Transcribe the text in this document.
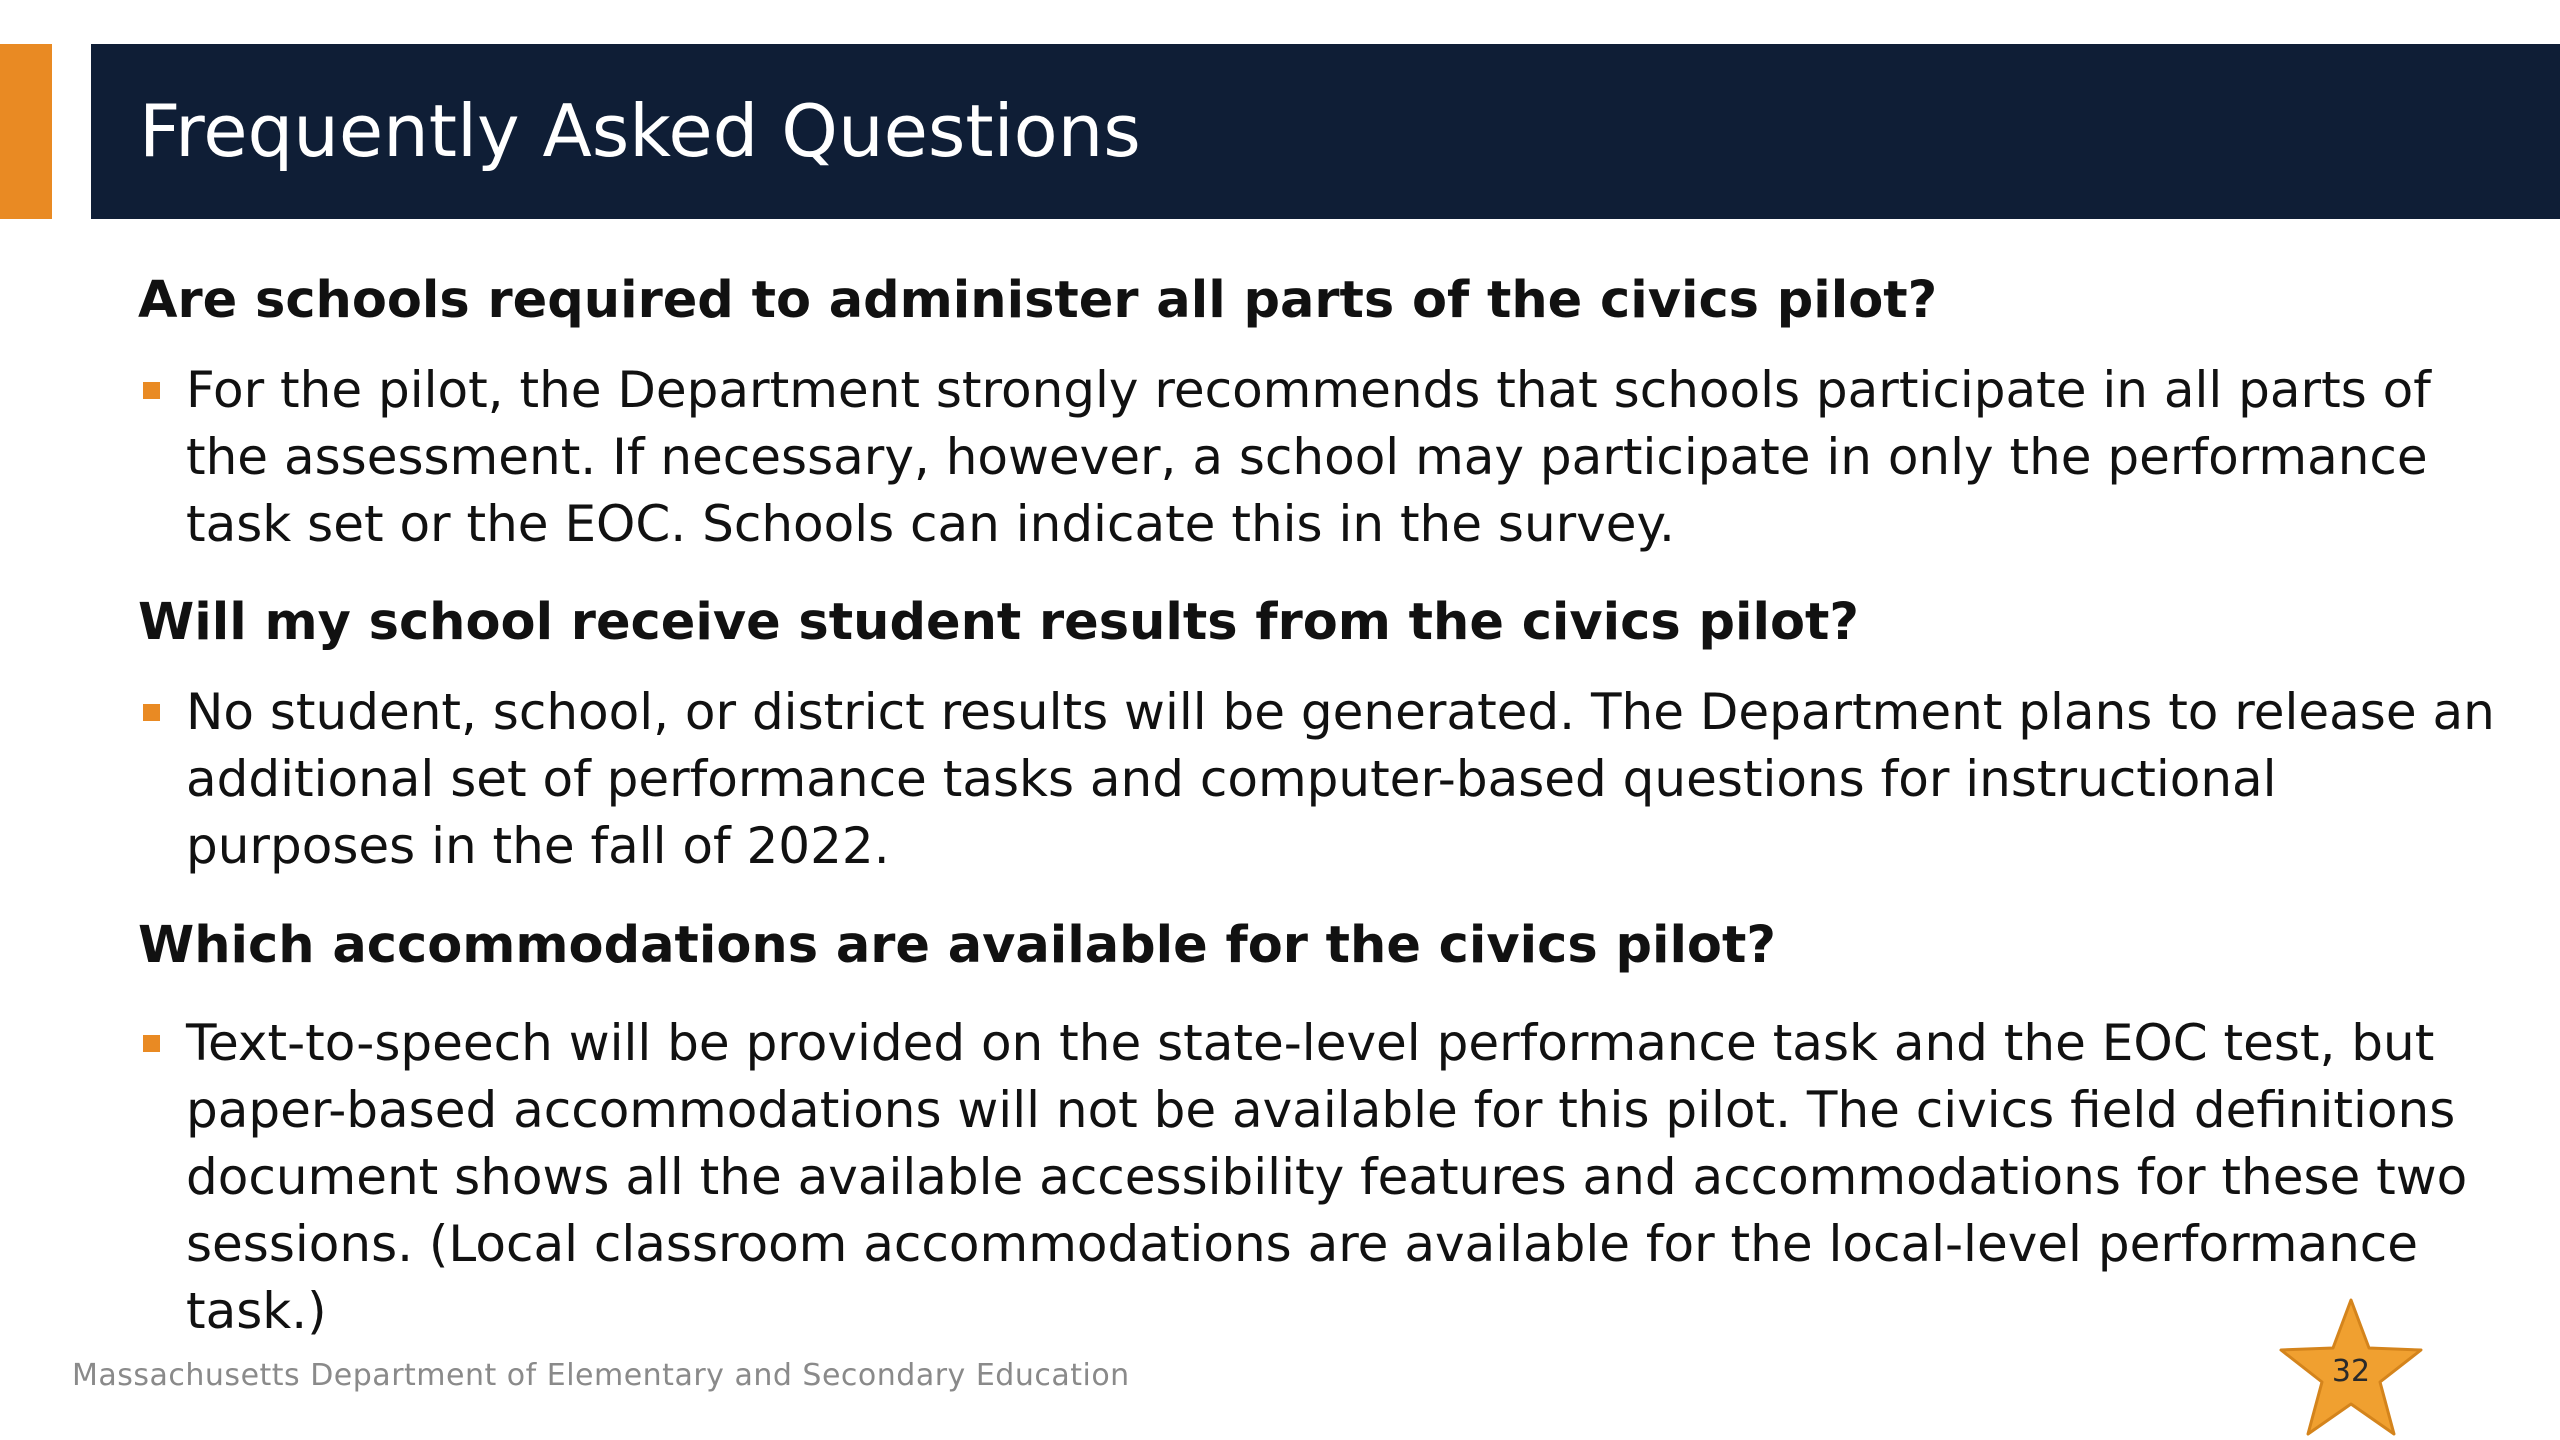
Frequently Asked Questions
Are schools required to administer all parts of the civics pilot?
For the pilot, the Department strongly recommends that schools participate in all parts of the assessment. If necessary, however, a school may participate in only the performance task set or the EOC. Schools can indicate this in the survey.
Will my school receive student results from the civics pilot?
No student, school, or district results will be generated. The Department plans to release an additional set of performance tasks and computer-based questions for instructional purposes in the fall of 2022.
Which accommodations are available for the civics pilot?
Text-to-speech will be provided on the state-level performance task and the EOC test, but paper-based accommodations will not be available for this pilot. The civics field definitions document shows all the available accessibility features and accommodations for these two sessions. (Local classroom accommodations are available for the local-level performance task.)
Massachusetts Department of Elementary and Secondary Education	32
